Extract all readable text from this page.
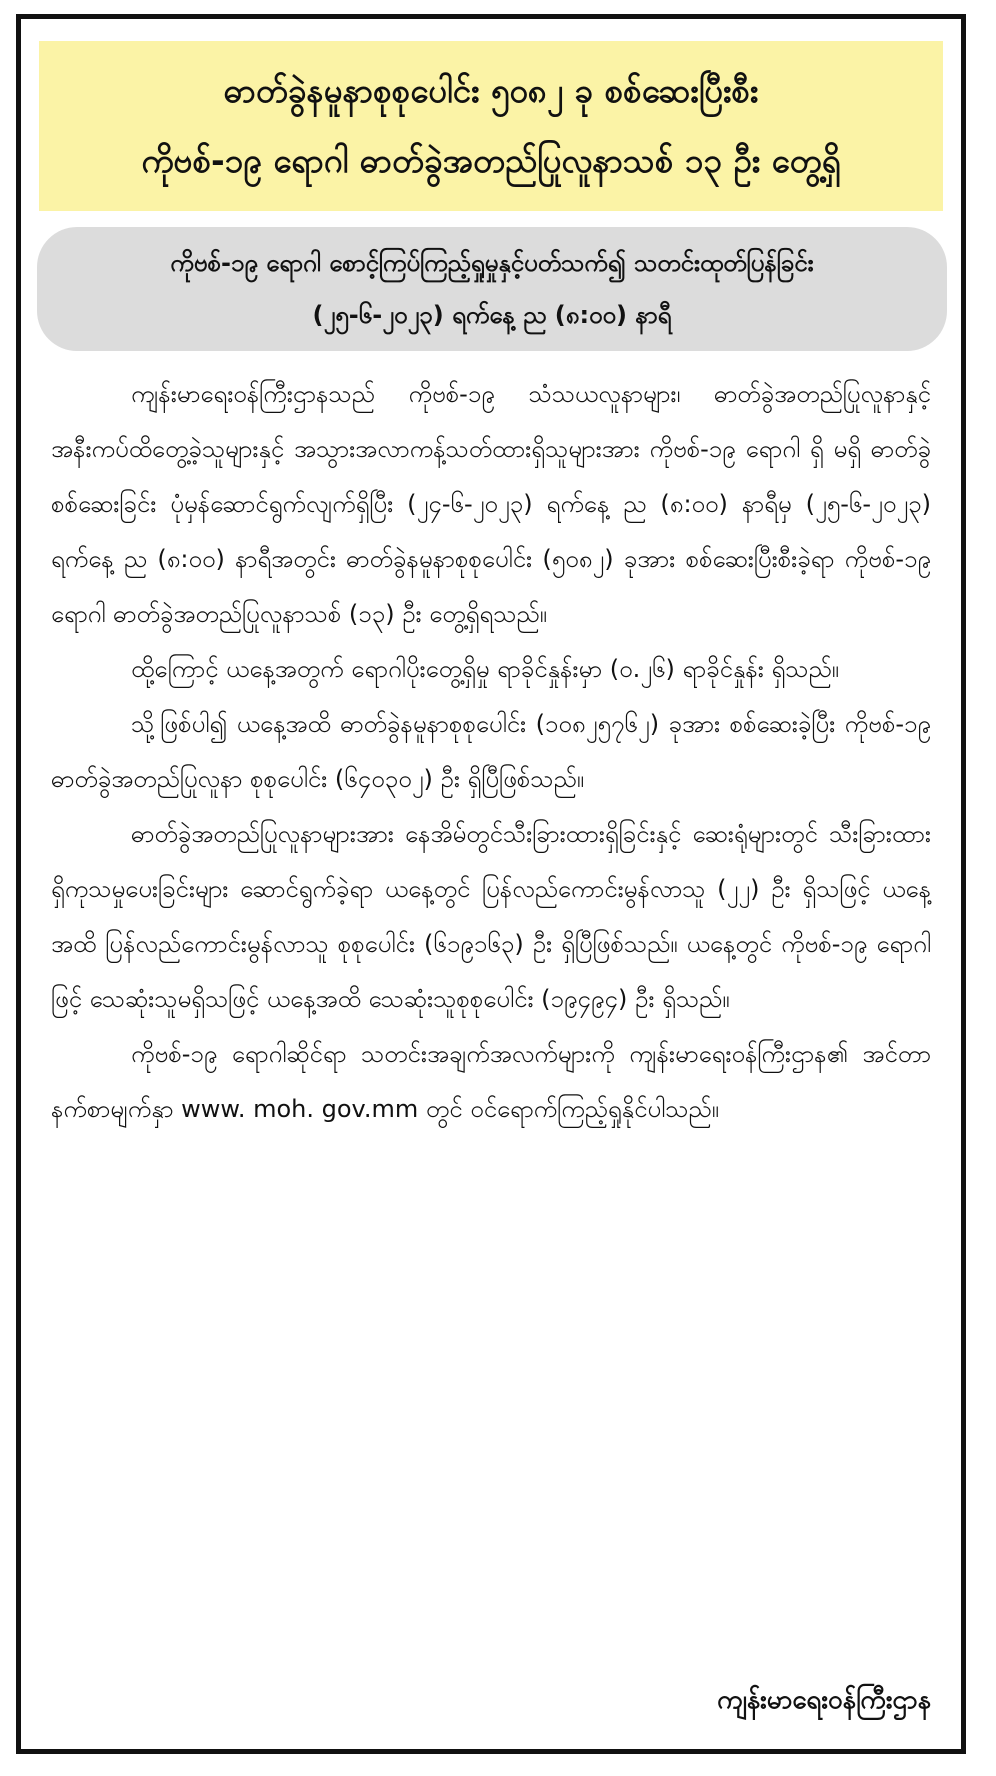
ဓာတ်ခွဲနမူနာစုစုပေါင်း ၅၀၈၂ ခု စစ်ဆေးပြီးစီး
ကိုဗစ်-၁၉ ရောဂါ ဓာတ်ခွဲအတည်ပြုလူနာသစ် ၁၃ ဦး တွေ့ရှိ
ကိုဗစ်-၁၉ ရောဂါ စောင့်ကြပ်ကြည့်ရှုမှုနှင့်ပတ်သက်၍ သတင်းထုတ်ပြန်ခြင်း
(၂၅-၆-၂၀၂၃) ရက်နေ့ ည (၈:၀၀) နာရီ

ကျန်းမာရေးဝန်ကြီးဌာနသည် ကိုဗစ်-၁၉ သံသယလူနာများ၊ ဓာတ်ခွဲအတည်ပြုလူနာနှင့် အနီးကပ်ထိတွေ့ခဲ့သူများနှင့် အသွားအလာကန့်သတ်ထားရှိသူများအား ကိုဗစ်-၁၉ ရောဂါ ရှိ မရှိ ဓာတ်ခွဲစစ်ဆေးခြင်း ပုံမှန်ဆောင်ရွက်လျက်ရှိပြီး (၂၄-၆-၂၀၂၃) ရက်နေ့ ည (၈:၀၀) နာရီမှ (၂၅-၆-၂၀၂၃) ရက်နေ့ ည (၈:၀၀) နာရီအတွင်း ဓာတ်ခွဲနမူနာစုစုပေါင်း (၅၀၈၂) ခုအား စစ်ဆေးပြီးစီးခဲ့ရာ ကိုဗစ်-၁၉ ရောဂါ ဓာတ်ခွဲအတည်ပြုလူနာသစ် (၁၃) ဦး တွေ့ရှိရသည်။

ထို့ကြောင့် ယနေ့အတွက် ရောဂါပိုးတွေ့ရှိမှု ရာခိုင်နှုန်းမှာ (၀.၂၆) ရာခိုင်နှုန်း ရှိသည်။

သို့ဖြစ်ပါ၍ ယနေ့အထိ ဓာတ်ခွဲနမူနာစုစုပေါင်း (၁၀၈၂၅၇၆၂) ခုအား စစ်ဆေးခဲ့ပြီး ကိုဗစ်-၁၉ ဓာတ်ခွဲအတည်ပြုလူနာ စုစုပေါင်း (၆၄၀၃၀၂) ဦး ရှိပြီဖြစ်သည်။

ဓာတ်ခွဲအတည်ပြုလူနာများအား နေအိမ်တွင်သီးခြားထားရှိခြင်းနှင့် ဆေးရုံများတွင် သီးခြားထားရှိကုသမှုပေးခြင်းများ ဆောင်ရွက်ခဲ့ရာ ယနေ့တွင် ပြန်လည်ကောင်းမွန်လာသူ (၂၂) ဦး ရှိသဖြင့် ယနေ့အထိ ပြန်လည်ကောင်းမွန်လာသူ စုစုပေါင်း (၆၁၉၁၆၃) ဦး ရှိပြီဖြစ်သည်။ ယနေ့တွင် ကိုဗစ်-၁၉ ရောဂါဖြင့် သေဆုံးသူမရှိသဖြင့် ယနေ့အထိ သေဆုံးသူစုစုပေါင်း (၁၉၄၉၄) ဦး ရှိသည်။

ကိုဗစ်-၁၉ ရောဂါဆိုင်ရာ သတင်းအချက်အလက်များကို ကျန်းမာရေးဝန်ကြီးဌာန၏ အင်တာနက်စာမျက်နှာ www. moh. gov.mm တွင် ဝင်ရောက်ကြည့်ရှုနိုင်ပါသည်။

ကျန်းမာရေးဝန်ကြီးဌာန
